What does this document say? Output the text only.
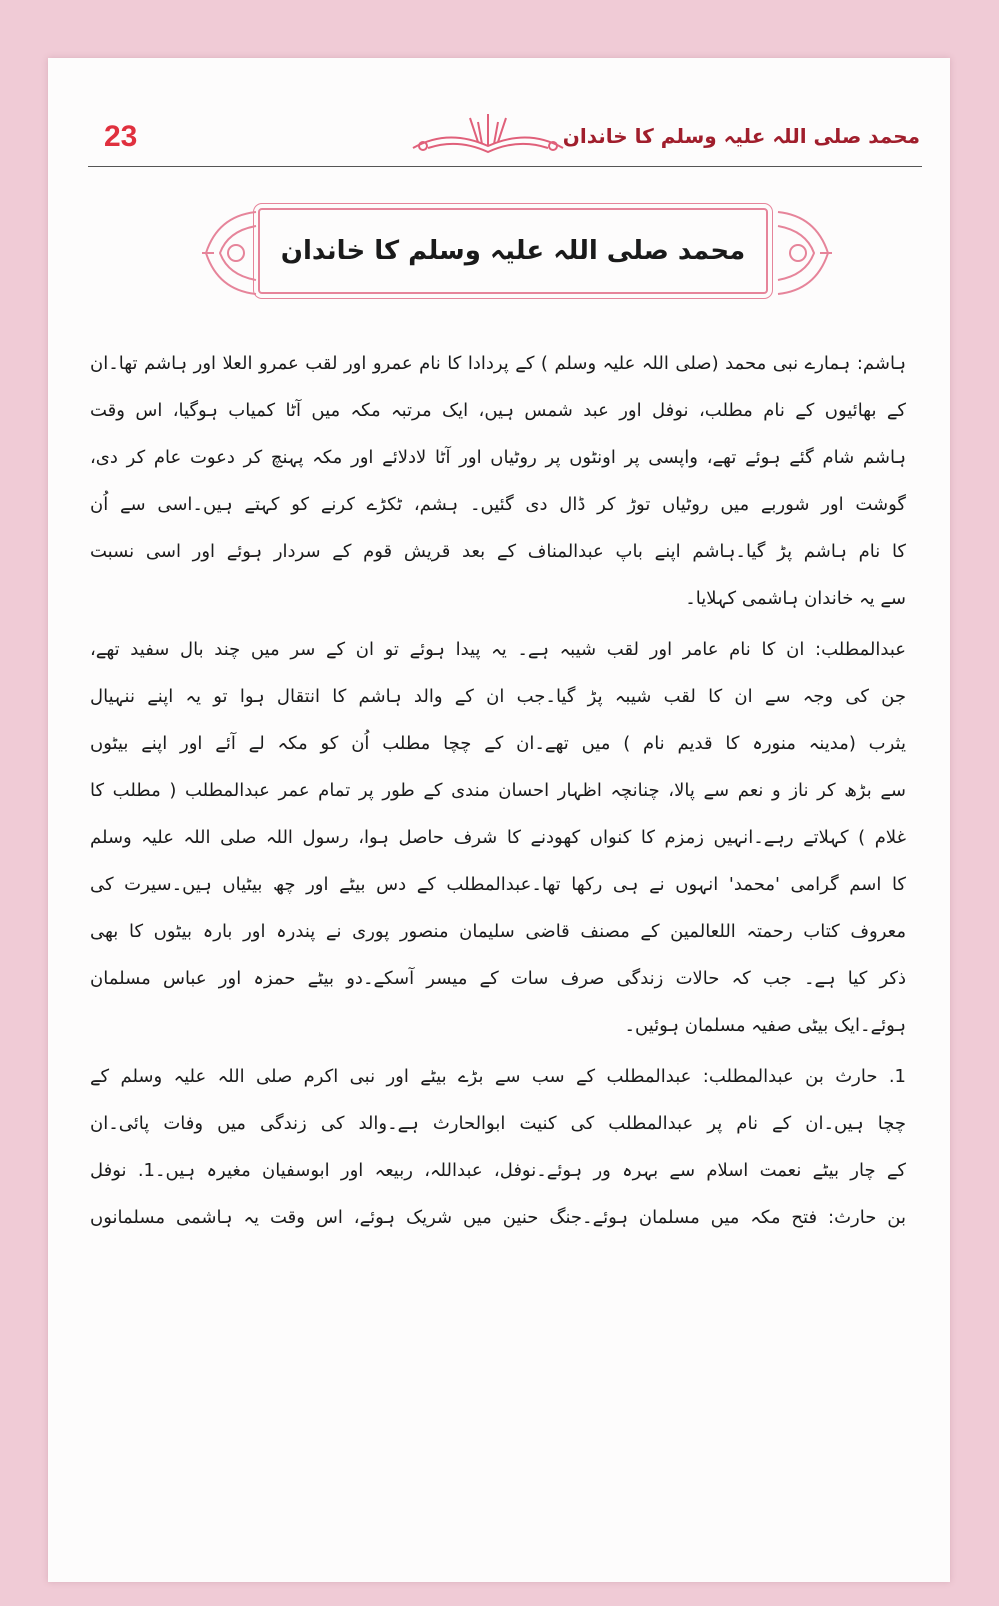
23	محمد صلی اللہ علیہ وسلم کا خاندان
محمد صلی اللہ علیہ وسلم کا خاندان
ہاشم: ہمارے نبی محمد (صلی اللہ علیہ وسلم ) کے پردادا کا نام عمرو اور لقب عمرو العلا اور ہاشم تھا۔ان
کے بھائیوں کے نام مطلب، نوفل اور عبد شمس ہیں، ایک مرتبہ مکہ میں آٹا کمیاب ہوگیا، اس وقت
ہاشم شام گئے ہوئے تھے، واپسی پر اونٹوں پر روٹیاں اور آٹا لادلائے اور مکہ پہنچ کر دعوت عام کر دی،
گوشت اور شوربے میں روٹیاں توڑ کر ڈال دی گئیں۔ ہشم، ٹکڑے کرنے کو کہتے ہیں۔اسی سے اُن
کا نام ہاشم پڑ گیا۔ہاشم اپنے باپ عبدالمناف کے بعد قریش قوم کے سردار ہوئے اور اسی نسبت
سے یہ خاندان ہاشمی کہلایا۔
عبدالمطلب: ان کا نام عامر اور لقب شیبہ ہے۔ یہ پیدا ہوئے تو ان کے سر میں چند بال سفید تھے،
جن کی وجہ سے ان کا لقب شیبہ پڑ گیا۔جب ان کے والد ہاشم کا انتقال ہوا تو یہ اپنے ننہیال
یثرب (مدینہ منورہ کا قدیم نام ) میں تھے۔ان کے چچا مطلب اُن کو مکہ لے آئے اور اپنے بیٹوں
سے بڑھ کر ناز و نعم سے پالا، چنانچہ اظہار احسان مندی کے طور پر تمام عمر عبدالمطلب ( مطلب کا
غلام ) کہلاتے رہے۔انہیں زمزم کا کنواں کھودنے کا شرف حاصل ہوا، رسول اللہ صلی اللہ علیہ وسلم
کا اسم گرامی 'محمد' انہوں نے ہی رکھا تھا۔عبدالمطلب کے دس بیٹے اور چھ بیٹیاں ہیں۔سیرت کی
معروف کتاب رحمتہ اللعالمین کے مصنف قاضی سلیمان منصور پوری نے پندرہ اور بارہ بیٹوں کا بھی
ذکر کیا ہے۔ جب کہ حالات زندگی صرف سات کے میسر آسکے۔دو بیٹے حمزہ اور عباس مسلمان
ہوئے۔ایک بیٹی صفیہ مسلمان ہوئیں۔
1. حارث بن عبدالمطلب: عبدالمطلب کے سب سے بڑے بیٹے اور نبی اکرم صلی اللہ علیہ وسلم کے
چچا ہیں۔ان کے نام پر عبدالمطلب کی کنیت ابوالحارث ہے۔والد کی زندگی میں وفات پائی۔ان
کے چار بیٹے نعمت اسلام سے بہرہ ور ہوئے۔نوفل، عبداللہ، ربیعہ اور ابوسفیان مغیرہ ہیں۔1. نوفل
بن حارث: فتح مکہ میں مسلمان ہوئے۔جنگ حنین میں شریک ہوئے، اس وقت یہ ہاشمی مسلمانوں
